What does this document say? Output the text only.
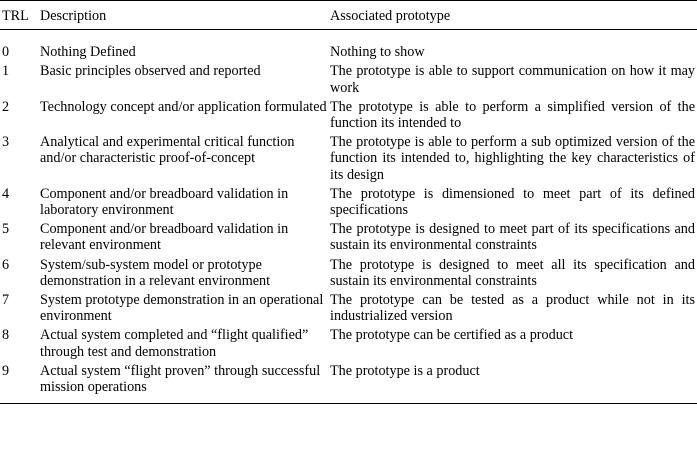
TRL	Description	Associated prototype
0	Nothing Defined	Nothing to show
1	Basic principles observed and reported	The prototype is able to support communication on how it may work
2	Technology concept and/or application formulated	The prototype is able to perform a simplified version of the function its intended to
3	Analytical and experimental critical function and/or characteristic proof-of-concept	The prototype is able to perform a sub optimized version of the function its intended to, highlighting the key characteristics of its design
4	Component and/or breadboard validation in laboratory environment	The prototype is dimensioned to meet part of its defined specifications
5	Component and/or breadboard validation in relevant environment	The prototype is designed to meet part of its specifications and sustain its environmental constraints
6	System/sub-system model or prototype demonstration in a relevant environment	The prototype is designed to meet all its specification and sustain its environmental constraints
7	System prototype demonstration in an operational environment	The prototype can be tested as a product while not in its industrialized version
8	Actual system completed and “flight qualified” through test and demonstration	The prototype can be certified as a product
9	Actual system “flight proven” through successful mission operations	The prototype is a product
